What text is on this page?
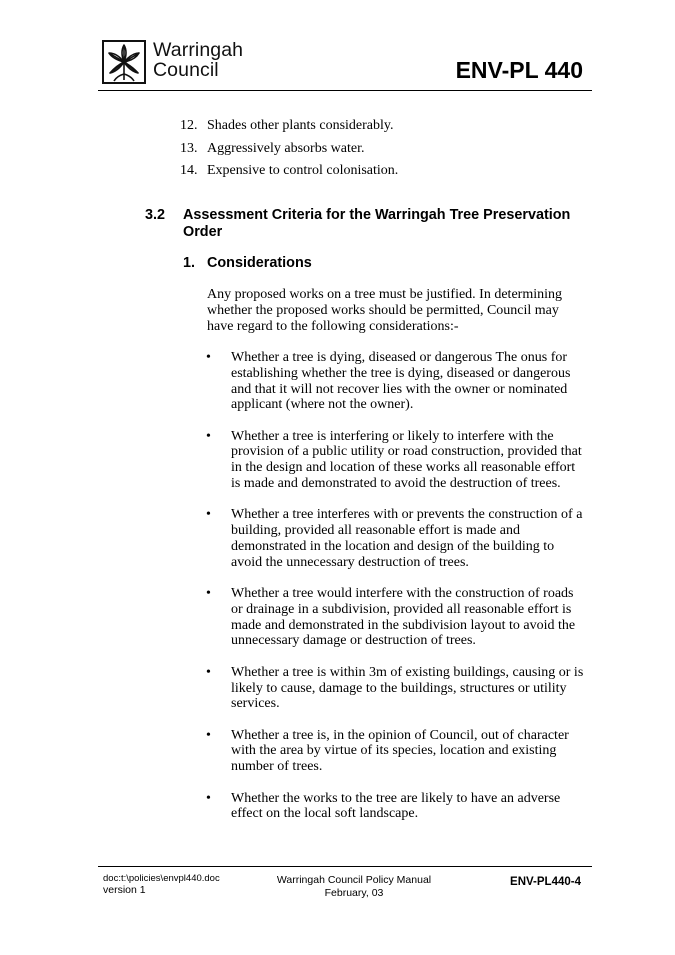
Warringah
Council	ENV-PL 440
12. Shades other plants considerably.
13. Aggressively absorbs water.
14. Expensive to control colonisation.
3.2 Assessment Criteria for the Warringah Tree Preservation Order
1. Considerations
Any proposed works on a tree must be justified. In determining whether the proposed works should be permitted, Council may have regard to the following considerations:-
• Whether a tree is dying, diseased or dangerous The onus for establishing whether the tree is dying, diseased or dangerous and that it will not recover lies with the owner or nominated applicant (where not the owner).
• Whether a tree is interfering or likely to interfere with the provision of a public utility or road construction, provided that in the design and location of these works all reasonable effort is made and demonstrated to avoid the destruction of trees.
• Whether a tree interferes with or prevents the construction of a building, provided all reasonable effort is made and demonstrated in the location and design of the building to avoid the unnecessary destruction of trees.
• Whether a tree would interfere with the construction of roads or drainage in a subdivision, provided all reasonable effort is made and demonstrated in the subdivision layout to avoid the unnecessary damage or destruction of trees.
• Whether a tree is within 3m of existing buildings, causing or is likely to cause, damage to the buildings, structures or utility services.
• Whether a tree is, in the opinion of Council, out of character with the area by virtue of its species, location and existing number of trees.
• Whether the works to the tree are likely to have an adverse effect on the local soft landscape.
doc:t:\policies\envpl440.doc
version 1
Warringah Council Policy Manual
February, 03
ENV-PL440-4
